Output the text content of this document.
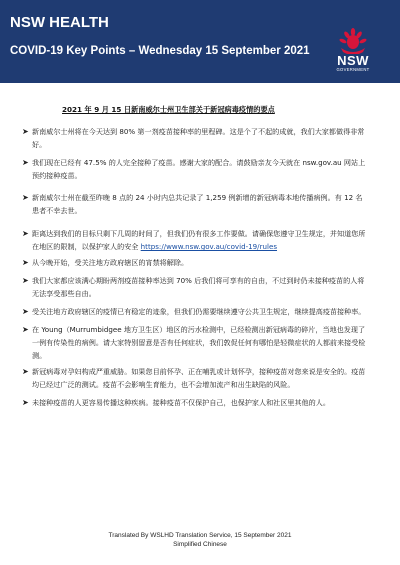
NSW HEALTH
COVID-19 Key Points – Wednesday 15 September 2021
NSW
GOVERNMENT
2021 年 9 月 15 日新南威尔士州卫生部关于新冠病毒疫情的要点
➤ 新南威尔士州将在今天达到 80% 第一剂疫苗接种率的里程碑。这是个了不起的成就，我们大家都做得非常好。
➤ 我们现在已经有 47.5% 的人完全接种了疫苗。感谢大家的配合。请鼓励亲友今天就在 nsw.gov.au 网站上预约接种疫苗。
➤ 新南威尔士州在截至昨晚 8 点的 24 小时内总共记录了 1,259 例新增的新冠病毒本地传播病例。有 12 名患者不幸去世。
➤ 距离达到我们的目标只剩下几周的时间了，但我们仍有很多工作要做。请确保您遵守卫生规定，并知道您所在地区的限制，以保护家人的安全 https://www.nsw.gov.au/covid-19/rules
➤ 从今晚开始，受关注地方政府辖区的宵禁将解除。
➤ 我们大家都应该满心期盼两剂疫苗接种率达到 70% 后我们将可享有的自由，不过到时仍未接种疫苗的人将无法享受那些自由。
➤ 受关注地方政府辖区的疫情已有稳定的迹象，但我们仍需要继续遵守公共卫生规定，继续提高疫苗接种率。
➤ 在 Young（Murrumbidgee 地方卫生区）地区的污水检测中，已经检测出新冠病毒的碎片，当地也发现了一例有传染性的病例。请大家特别留意是否有任何症状，我们敦促任何有哪怕是轻微症状的人都前来接受检测。
➤ 新冠病毒对孕妇构成严重威胁。如果您目前怀孕、正在哺乳或计划怀孕，接种疫苗对您来说是安全的。疫苗均已经过广泛的测试。疫苗不会影响生育能力，也不会增加流产和出生缺陷的风险。
➤ 未接种疫苗的人更容易传播这种疾病。接种疫苗不仅保护自己，也保护家人和社区里其他的人。
Translated By WSLHD Translation Service, 15 September 2021
Simplified Chinese
